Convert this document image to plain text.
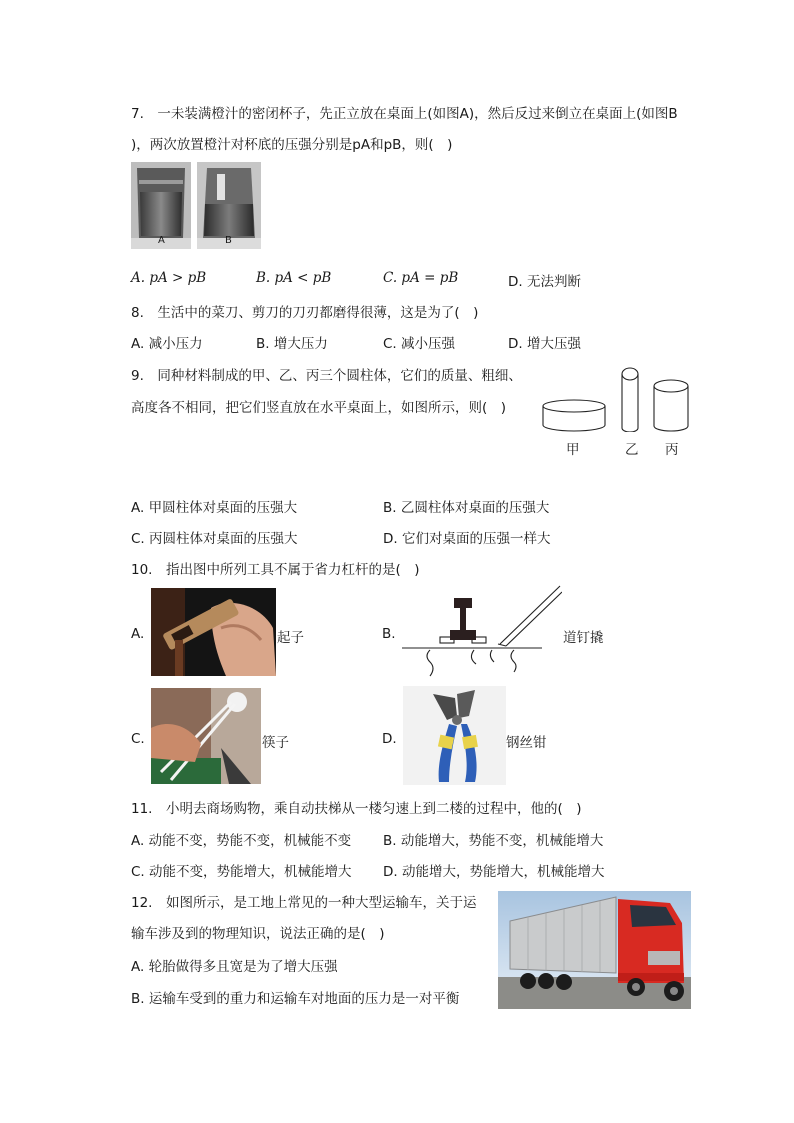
7.　一未装满橙汁的密闭杯子，先正立放在桌面上(如图A)，然后反过来倒立在桌面上(如图B
)，两次放置橙汁对杯底的压强分别是pA和pB，则(　)
A	B
A. pA > pB	B. pA < pB	C. pA = pB	D. 无法判断
8.　生活中的菜刀、剪刀的刀刃都磨得很薄，这是为了(　)
A. 减小压力	B. 增大压力	C. 减小压强	D. 增大压强
9.　同种材料制成的甲、乙、丙三个圆柱体，它们的质量、粗细、
高度各不相同，把它们竖直放在水平桌面上，如图所示，则(　)
甲	乙 丙
A. 甲圆柱体对桌面的压强大	B. 乙圆柱体对桌面的压强大
C. 丙圆柱体对桌面的压强大	D. 它们对桌面的压强一样大
10.　指出图中所列工具不属于省力杠杆的是(　)
A.	起子	B.	道钉撬
C.	筷子	D.	钢丝钳
11.　小明去商场购物，乘自动扶梯从一楼匀速上到二楼的过程中，他的(　)
A. 动能不变，势能不变，机械能不变 B. 动能增大，势能不变，机械能增大
C. 动能不变，势能增大，机械能增大 D. 动能增大，势能增大，机械能增大
12.　如图所示，是工地上常见的一种大型运输车，关于运
输车涉及到的物理知识，说法正确的是(　)
A. 轮胎做得多且宽是为了增大压强
B. 运输车受到的重力和运输车对地面的压力是一对平衡
